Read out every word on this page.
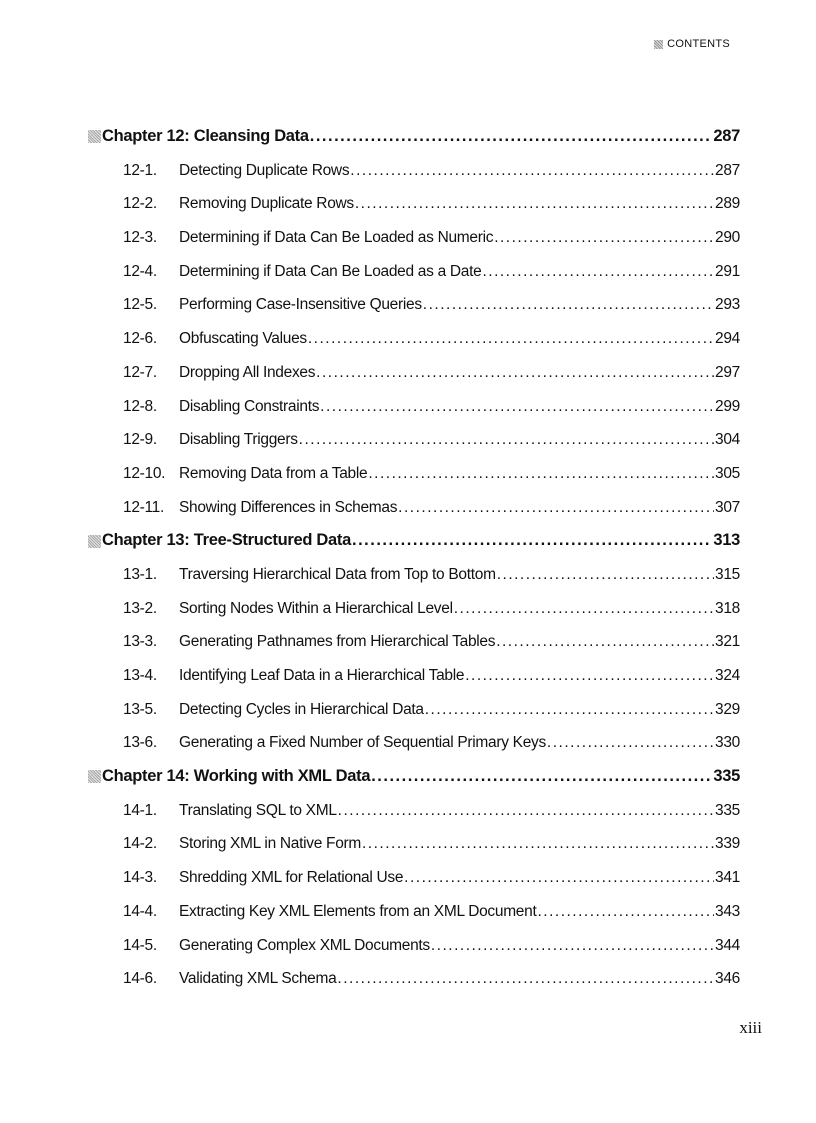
CONTENTS
Chapter 12: Cleansing Data .....	287
12-1.	Detecting Duplicate Rows .....	287
12-2.	Removing Duplicate Rows .....	289
12-3.	Determining if Data Can Be Loaded as Numeric .....	290
12-4.	Determining if Data Can Be Loaded as a Date .....	291
12-5.	Performing Case-Insensitive Queries .....	293
12-6.	Obfuscating Values .....	294
12-7.	Dropping All Indexes .....	297
12-8.	Disabling Constraints .....	299
12-9.	Disabling Triggers .....	304
12-10. Removing Data from a Table .....	305
12-11. Showing Differences in Schemas .....	307
Chapter 13: Tree-Structured Data .....	313
13-1.	Traversing Hierarchical Data from Top to Bottom .....	315
13-2.	Sorting Nodes Within a Hierarchical Level .....	318
13-3.	Generating Pathnames from Hierarchical Tables .....	321
13-4.	Identifying Leaf Data in a Hierarchical Table .....	324
13-5.	Detecting Cycles in Hierarchical Data .....	329
13-6.	Generating a Fixed Number of Sequential Primary Keys .....	330
Chapter 14: Working with XML Data .....	335
14-1.	Translating SQL to XML .....	335
14-2.	Storing XML in Native Form .....	339
14-3.	Shredding XML for Relational Use .....	341
14-4.	Extracting Key XML Elements from an XML Document .....	343
14-5.	Generating Complex XML Documents .....	344
14-6.	Validating XML Schema .....	346
xiii
